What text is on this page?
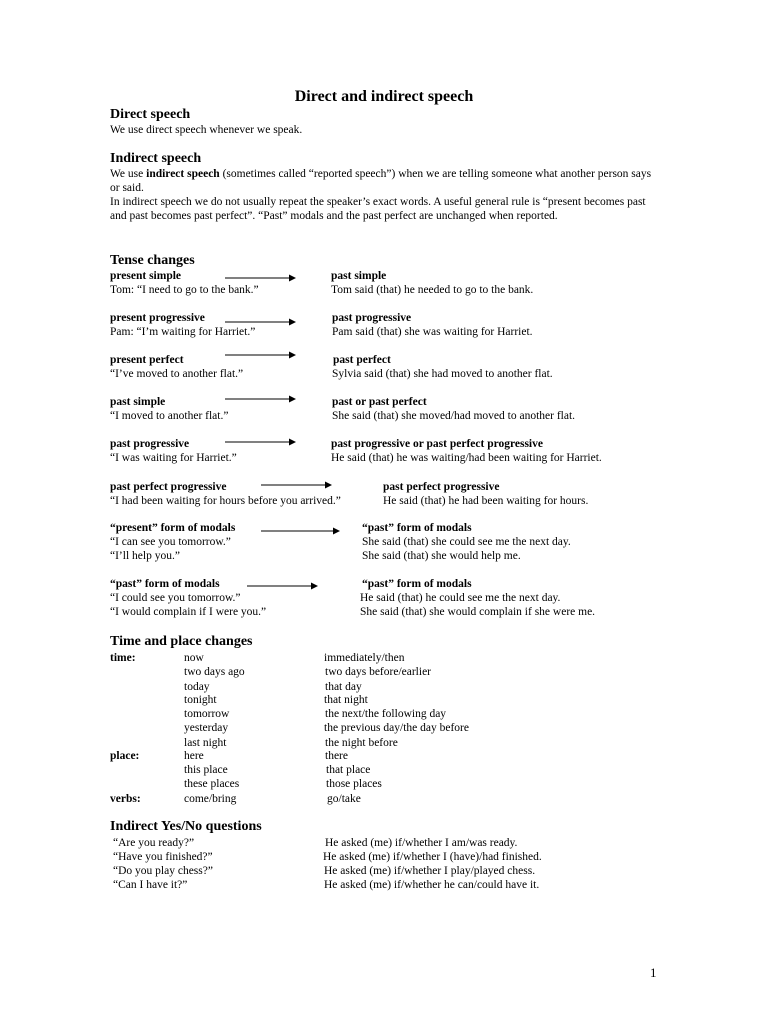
Direct and indirect speech
Direct speech
We use direct speech whenever we speak.
Indirect speech
We use indirect speech (sometimes called “reported speech”) when we are telling someone what another person says or said.
In indirect speech we do not usually repeat the speaker’s exact words. A useful general rule is “present becomes past and past becomes past perfect”. “Past” modals and the past perfect are unchanged when reported.
Tense changes
present simple	past simple
Tom: “I need to go to the bank.”	Tom said (that) he needed to go to the bank.
present progressive	past progressive
Pam: “I’m waiting for Harriet.”	Pam said (that) she was waiting for Harriet.
present perfect	past perfect
“I’ve moved to another flat.”	Sylvia said (that) she had moved to another flat.
past simple	past or past perfect
“I moved to another flat.”	She said (that) she moved/had moved to another flat.
past progressive	past progressive or past perfect progressive
“I was waiting for Harriet.”	He said (that) he was waiting/had been waiting for Harriet.
past perfect progressive	past perfect progressive
“I had been waiting for hours before you arrived.”	He said (that) he had been waiting for hours.
“present” form of modals	“past” form of modals
“I can see you tomorrow.”	She said (that) she could see me the next day.
“I’ll help you.”	She said (that) she would help me.
“past” form of modals	“past” form of modals
“I could see you tomorrow.”	He said (that) he could see me the next day.
“I would complain if I were you.”	She said (that) she would complain if she were me.
Time and place changes
time:	now	immediately/then
two days ago	two days before/earlier
today	that day
tonight	that night
tomorrow	the next/the following day
yesterday	the previous day/the day before
last night	the night before
place:	here	there
this place	that place
these places	those places
verbs:	come/bring	go/take
Indirect Yes/No questions
“Are you ready?”	He asked (me) if/whether I am/was ready.
“Have you finished?”	He asked (me) if/whether I (have)/had finished.
“Do you play chess?”	He asked (me) if/whether I play/played chess.
“Can I have it?”	He asked (me) if/whether he can/could have it.
1
